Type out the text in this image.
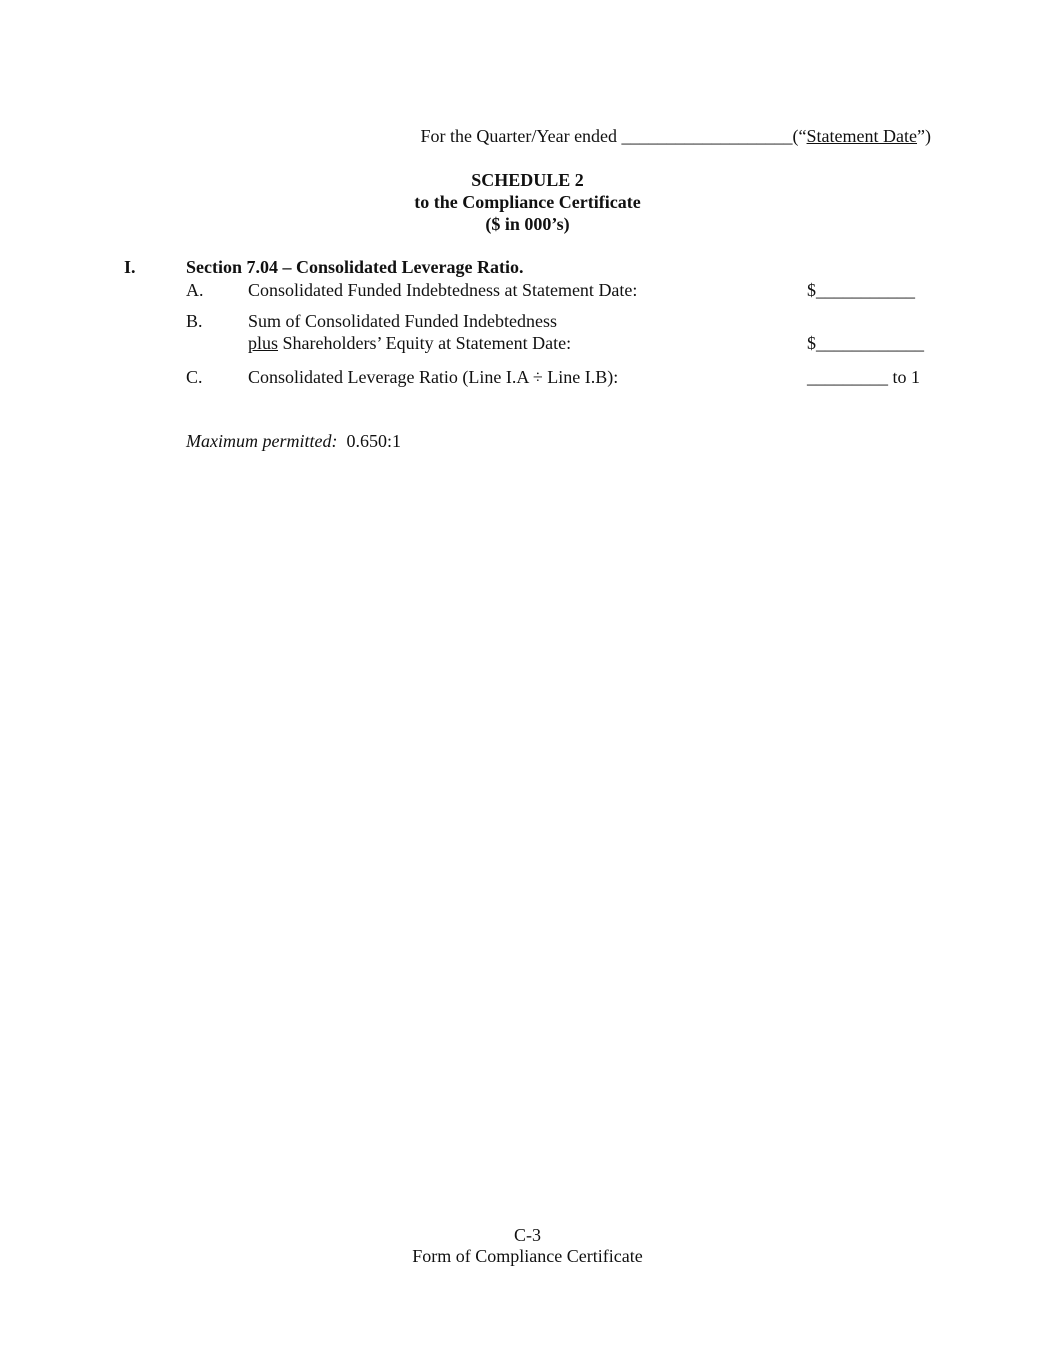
For the Quarter/Year ended ___________________(“Statement Date”)
SCHEDULE 2
to the Compliance Certificate
($ in 000’s)
I.	Section 7.04 – Consolidated Leverage Ratio.
A. Consolidated Funded Indebtedness at Statement Date:	$___________
B.	Sum of Consolidated Funded Indebtedness
plus Shareholders’ Equity at Statement Date:	$____________
C.	Consolidated Leverage Ratio (Line I.A ÷ Line I.B):	_________ to 1
Maximum permitted: 0.650:1
C-3
Form of Compliance Certificate
